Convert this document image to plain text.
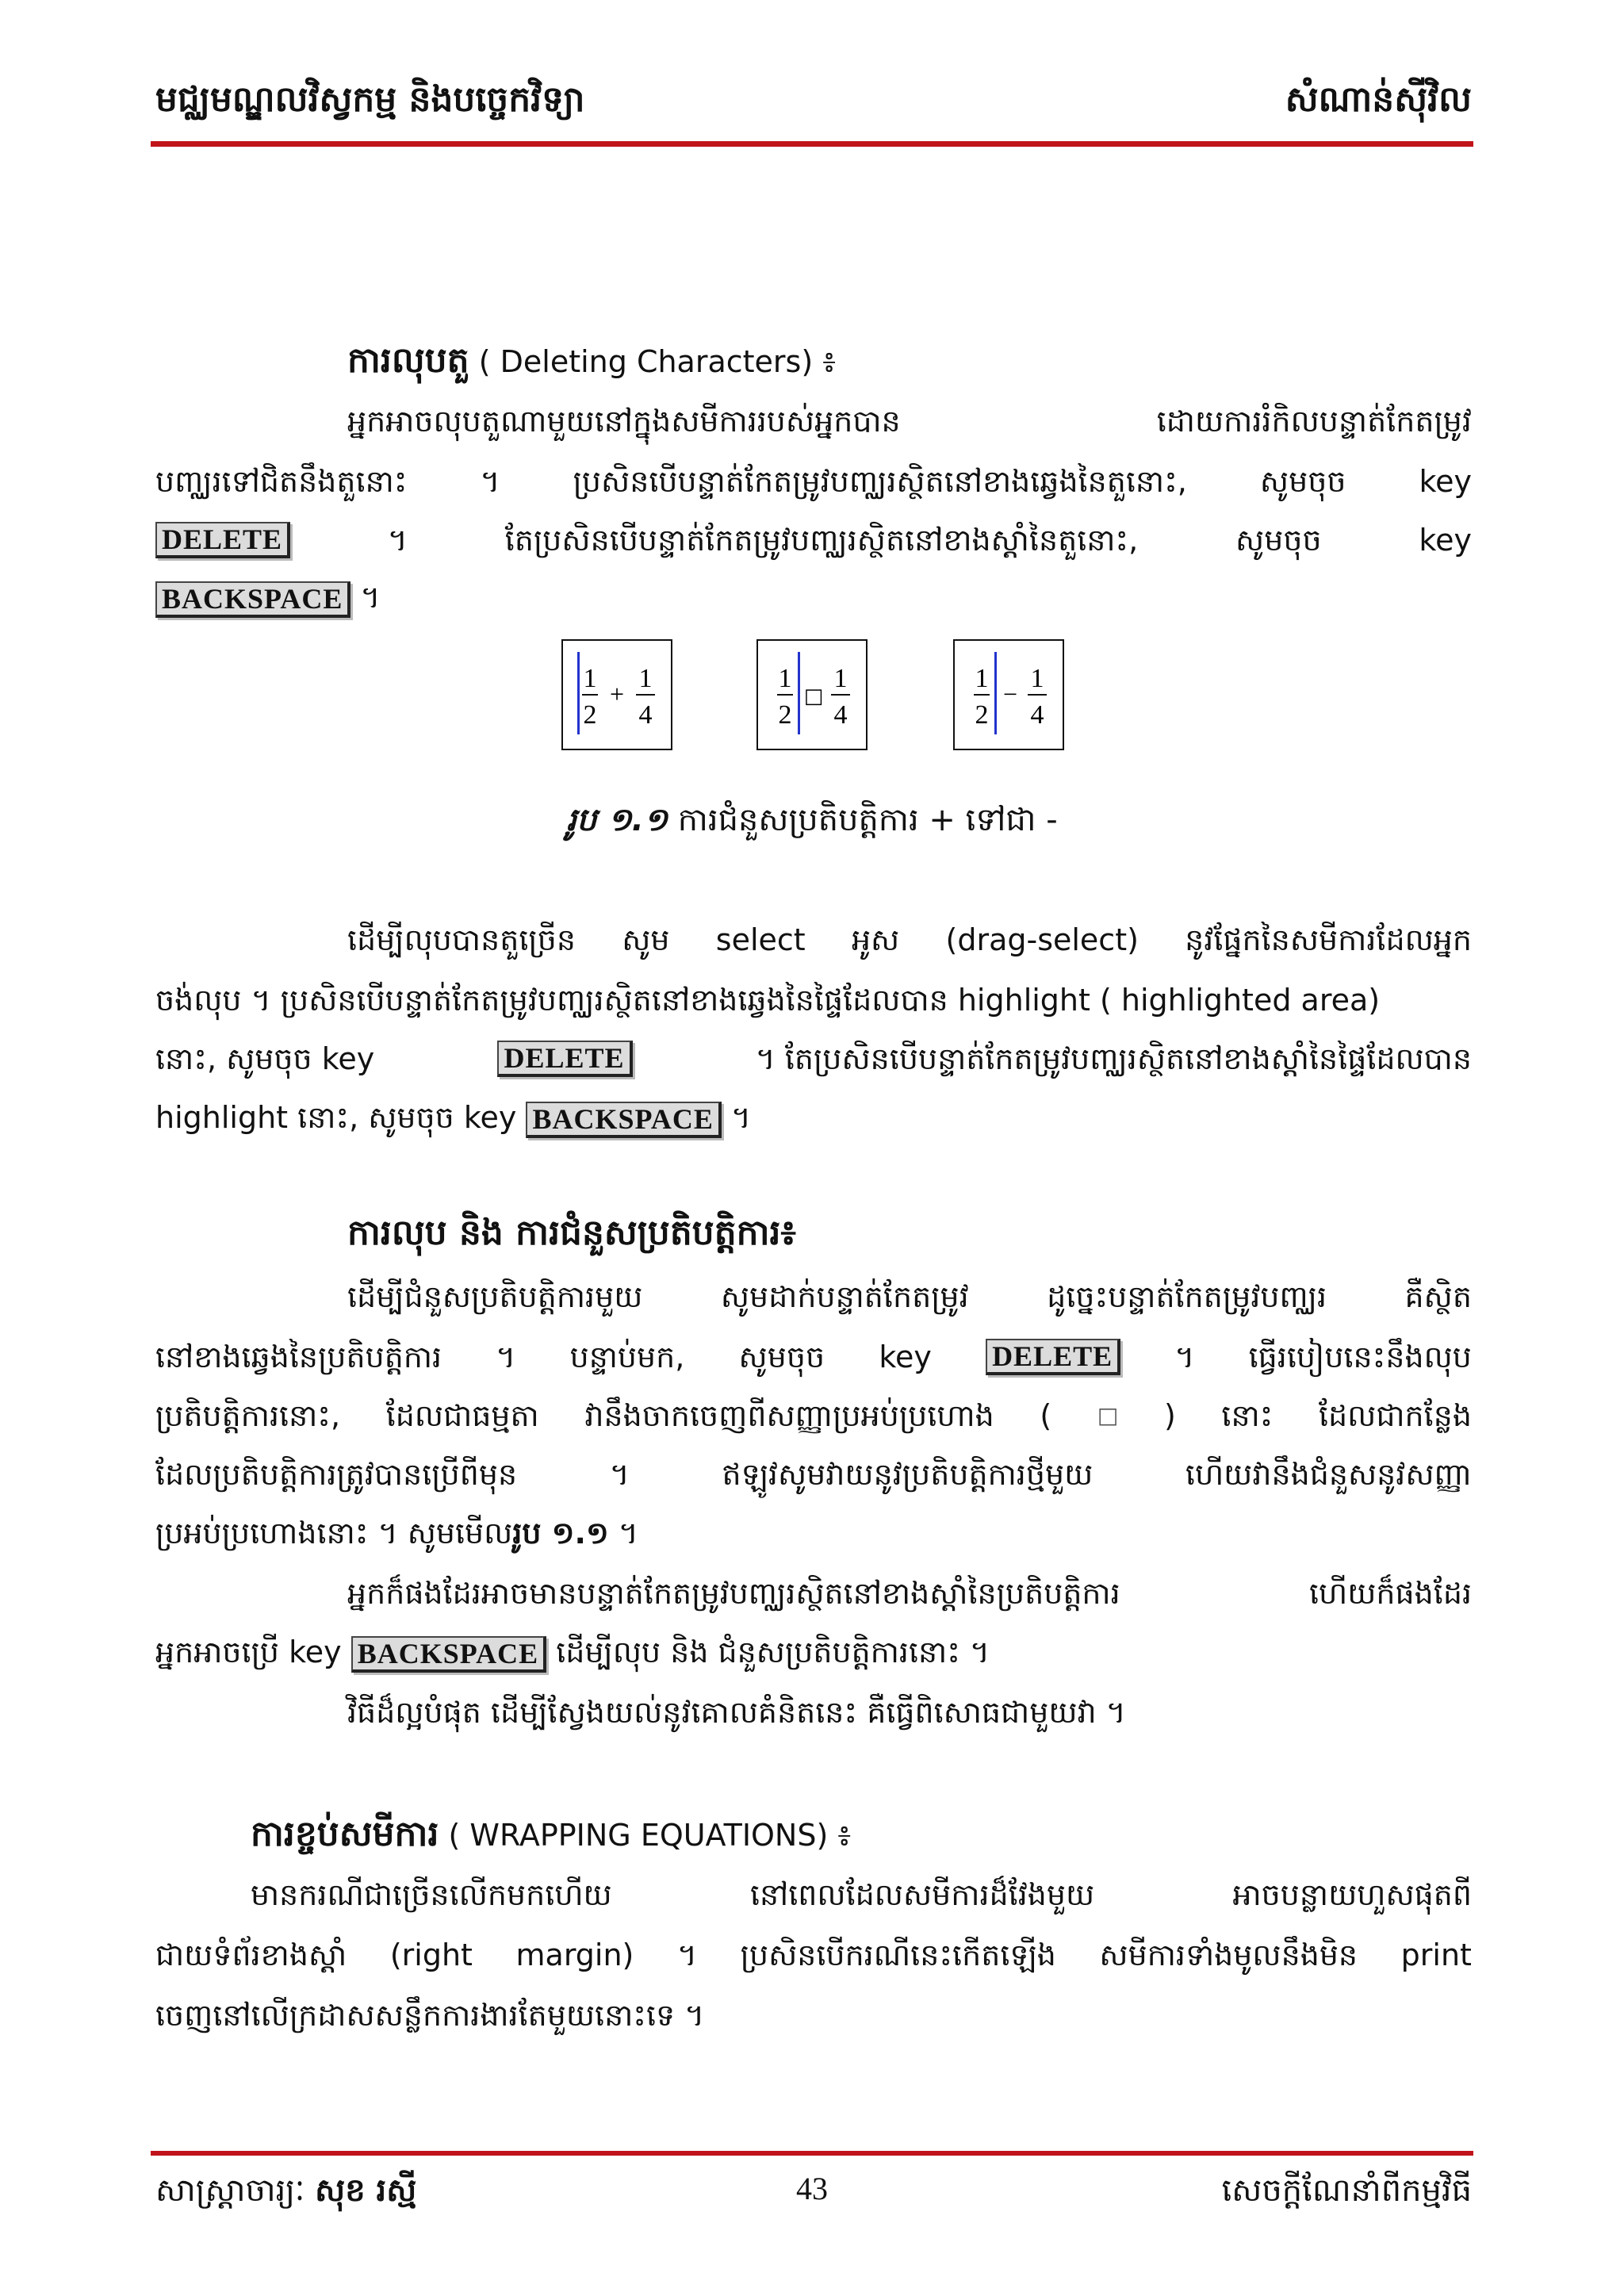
មជ្ឈមណ្ឌលវិស្វកម្ម និងបច្ចេកវិទ្យា	សំណាន់ស៊ីវិល
ការលុបតួ ( Deleting Characters) ៖
អ្នកអាចលុបតួណាមួយនៅក្នុងសមីការរបស់អ្នកបាន	ដោយការរំកិលបន្ទាត់កែតម្រូវ
បញ្ឈរទៅជិតនឹងតួនោះ ។ ប្រសិនបើបន្ទាត់កែតម្រូវបញ្ឈរស្ថិតនៅខាងឆ្វេងនៃតួនោះ, សូមចុច key
DELETE	។	តែប្រសិនបើបន្ទាត់កែតម្រូវបញ្ឈរស្ថិតនៅខាងស្តាំនៃតួនោះ,	សូមចុច	key
BACKSPACE ។
1
2
+
1
4
1
2
□
1
4
1
2
−
1
4
រូប ១.១ ការជំនួសប្រតិបត្តិការ + ទៅជា -
ដើម្បីលុបបានតួច្រើន សូម select អូស (drag-select) នូវផ្នែកនៃសមីការដែលអ្នក
ចង់លុប ។ ប្រសិនបើបន្ទាត់កែតម្រូវបញ្ឈរស្ថិតនៅខាងឆ្វេងនៃផ្ទៃដែលបាន highlight ( highlighted area)
នោះ, សូមចុច key	DELETE	។ តែប្រសិនបើបន្ទាត់កែតម្រូវបញ្ឈរស្ថិតនៅខាងស្តាំនៃផ្ទៃដែលបាន
highlight នោះ, សូមចុច key BACKSPACE ។
ការលុប និង ការជំនួសប្រតិបត្តិការ៖
ដើម្បីជំនួសប្រតិបត្តិការមួយ	សូមដាក់បន្ទាត់កែតម្រូវ	ដូច្នេះបន្ទាត់កែតម្រូវបញ្ឈរ	គឺស្ថិត
នៅខាងឆ្វេងនៃប្រតិបត្តិការ ។ បន្ទាប់មក, សូមចុច key DELETE ។ ធ្វើរបៀបនេះនឹងលុប
ប្រតិបត្តិការនោះ, ដែលជាធម្មតា វានឹងចាកចេញពីសញ្ញាប្រអប់ប្រហោង ( □ ) នោះ ដែលជាកន្លែង
ដែលប្រតិបត្តិការត្រូវបានប្រើពីមុន	។	ឥឡូវសូមវាយនូវប្រតិបត្តិការថ្មីមួយ	ហើយវានឹងជំនួសនូវសញ្ញា
ប្រអប់ប្រហោងនោះ ។ សូមមើលរូប ១.១ ។
អ្នកក៏ផងដែរអាចមានបន្ទាត់កែតម្រូវបញ្ឈរស្ថិតនៅខាងស្តាំនៃប្រតិបត្តិការ	ហើយក៏ផងដែរ
អ្នកអាចប្រើ key BACKSPACE ដើម្បីលុប និង ជំនួសប្រតិបត្តិការនោះ ។
វិធីដ៏ល្អបំផុត ដើម្បីស្វែងយល់នូវគោលគំនិតនេះ គឺធ្វើពិសោធជាមួយវា ។
ការខ្ចប់សមីការ ( WRAPPING EQUATIONS) ៖
មានករណីជាច្រើនលើកមកហើយ	នៅពេលដែលសមីការដ៏វែងមួយ	អាចបន្លាយហួសផុតពី
ជាយទំព័រខាងស្តាំ (right margin) ។ ប្រសិនបើករណីនេះកើតឡើង សមីការទាំងមូលនឹងមិន print
ចេញនៅលើក្រដាសសន្លឹកការងារតែមួយនោះទេ ។
សាស្ត្រាចារ្យៈ សុខ រស្មី	43	សេចក្តីណែនាំពីកម្មវិធី
